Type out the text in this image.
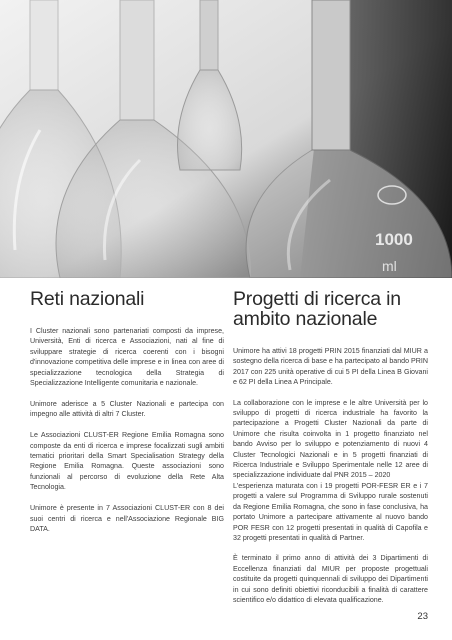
1000
ml
Reti nazionali

I Cluster nazionali sono partenariati composti da imprese, Università, Enti di ricerca e Associazioni, nati al fine di sviluppare strategie di ricerca coerenti con i bisogni d'innovazione competitiva delle imprese e in linea con aree di specializzazione tecnologica della Strategia di Specializzazione Intelligente comunitaria e nazionale.

Unimore aderisce a 5 Cluster Nazionali e partecipa con impegno alle attività di altri 7 Cluster.

Le Associazioni CLUST-ER Regione Emilia Romagna sono composte da enti di ricerca e imprese focalizzati sugli ambiti tematici prioritari della Smart Specialisation Strategy della Regione Emilia Romagna. Queste associazioni sono funzionali al percorso di evoluzione della Rete Alta Tecnologia.

Unimore è presente in 7 Associazioni CLUST-ER con 8 dei suoi centri di ricerca e nell'Associazione Regionale BIG DATA.

Progetti di ricerca in ambito nazionale

Unimore ha attivi 18 progetti PRIN 2015 finanziati dal MIUR a sostegno della ricerca di base e ha partecipato al bando PRIN 2017 con 225 unità operative di cui 5 PI della Linea B Giovani e 62 PI della Linea A Principale.

La collaborazione con le imprese e le altre Università per lo sviluppo di progetti di ricerca industriale ha favorito la partecipazione a Progetti Cluster Nazionali da parte di Unimore che risulta coinvolta in 1 progetto finanziato nel bando Avviso per lo sviluppo e potenziamento di nuovi 4 Cluster Tecnologici Nazionali e in 5 progetti finanziati di Ricerca Industriale e Sviluppo Sperimentale nelle 12 aree di specializzazione individuate dal PNR 2015 – 2020
L'esperienza maturata con i 19 progetti POR-FESR ER e i 7 progetti a valere sul Programma di Sviluppo rurale sostenuti da Regione Emilia Romagna, che sono in fase conclusiva, ha portato Unimore a partecipare attivamente al nuovo bando POR FESR con 12 progetti presentati in qualità di Capofila e 32 progetti presentati in qualità di Partner.

È terminato il primo anno di attività dei 3 Dipartimenti di Eccellenza finanziati dal MIUR per proposte progettuali costituite da progetti quinquennali di sviluppo dei Dipartimenti in cui sono definiti obiettivi riconducibili a finalità di carattere scientifico e/o didattico di elevata qualificazione.

23
